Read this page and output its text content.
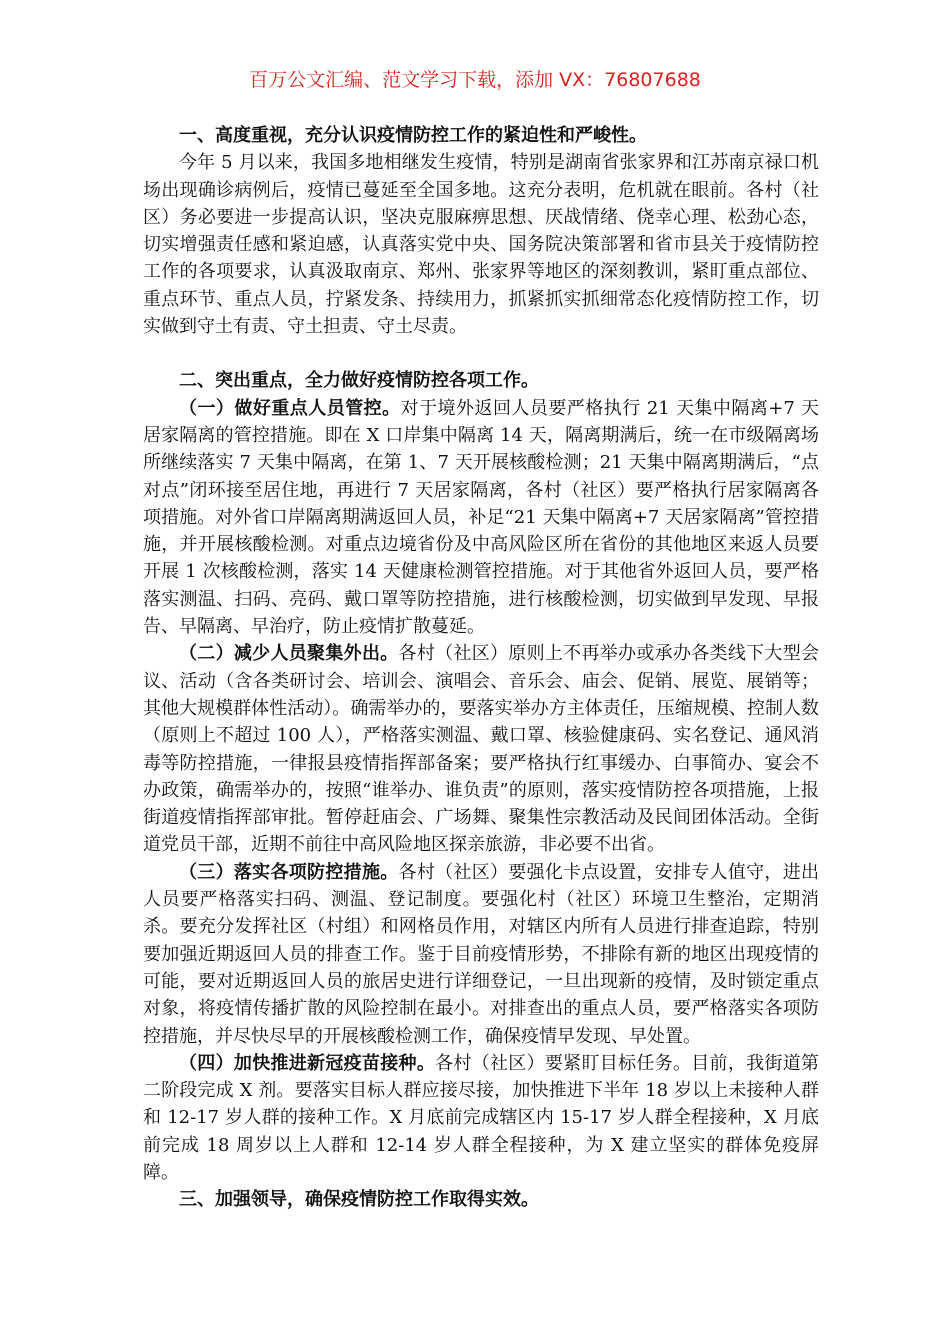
百万公文汇编、范文学习下载，添加 VX：76807688
一、高度重视，充分认识疫情防控工作的紧迫性和严峻性。

今年 5 月以来，我国多地相继发生疫情，特别是湖南省张家界和江苏南京禄口机场出现确诊病例后，疫情已蔓延至全国多地。这充分表明，危机就在眼前。各村（社区）务必要进一步提高认识，坚决克服麻痹思想、厌战情绪、侥幸心理、松劲心态，切实增强责任感和紧迫感，认真落实党中央、国务院决策部署和省市县关于疫情防控工作的各项要求，认真汲取南京、郑州、张家界等地区的深刻教训，紧盯重点部位、重点环节、重点人员，拧紧发条、持续用力，抓紧抓实抓细常态化疫情防控工作，切实做到守土有责、守土担责、守土尽责。

二、突出重点，全力做好疫情防控各项工作。

（一）做好重点人员管控。对于境外返回人员要严格执行 21 天集中隔离+7 天居家隔离的管控措施。即在 X 口岸集中隔离 14 天，隔离期满后，统一在市级隔离场所继续落实 7 天集中隔离，在第 1、7 天开展核酸检测；21 天集中隔离期满后，“点对点”闭环接至居住地，再进行 7 天居家隔离，各村（社区）要严格执行居家隔离各项措施。对外省口岸隔离期满返回人员，补足“21 天集中隔离+7 天居家隔离”管控措施，并开展核酸检测。对重点边境省份及中高风险区所在省份的其他地区来返人员要开展 1 次核酸检测，落实 14 天健康检测管控措施。对于其他省外返回人员，要严格落实测温、扫码、亮码、戴口罩等防控措施，进行核酸检测，切实做到早发现、早报告、早隔离、早治疗，防止疫情扩散蔓延。

（二）减少人员聚集外出。各村（社区）原则上不再举办或承办各类线下大型会议、活动（含各类研讨会、培训会、演唱会、音乐会、庙会、促销、展览、展销等；其他大规模群体性活动）。确需举办的，要落实举办方主体责任，压缩规模、控制人数（原则上不超过 100 人），严格落实测温、戴口罩、核验健康码、实名登记、通风消毒等防控措施，一律报县疫情指挥部备案；要严格执行红事缓办、白事简办、宴会不办政策，确需举办的，按照“谁举办、谁负责”的原则，落实疫情防控各项措施，上报街道疫情指挥部审批。暂停赶庙会、广场舞、聚集性宗教活动及民间团体活动。全街道党员干部，近期不前往中高风险地区探亲旅游，非必要不出省。

（三）落实各项防控措施。各村（社区）要强化卡点设置，安排专人值守，进出人员要严格落实扫码、测温、登记制度。要强化村（社区）环境卫生整治，定期消杀。要充分发挥社区（村组）和网格员作用，对辖区内所有人员进行排查追踪，特别要加强近期返回人员的排查工作。鉴于目前疫情形势，不排除有新的地区出现疫情的可能，要对近期返回人员的旅居史进行详细登记，一旦出现新的疫情，及时锁定重点对象，将疫情传播扩散的风险控制在最小。对排查出的重点人员，要严格落实各项防控措施，并尽快尽早的开展核酸检测工作，确保疫情早发现、早处置。

（四）加快推进新冠疫苗接种。各村（社区）要紧盯目标任务。目前，我街道第二阶段完成 X 剂。要落实目标人群应接尽接，加快推进下半年 18 岁以上未接种人群和 12-17 岁人群的接种工作。X 月底前完成辖区内 15-17 岁人群全程接种，X 月底前完成 18 周岁以上人群和 12-14 岁人群全程接种，为 X 建立坚实的群体免疫屏障。

三、加强领导，确保疫情防控工作取得实效。
